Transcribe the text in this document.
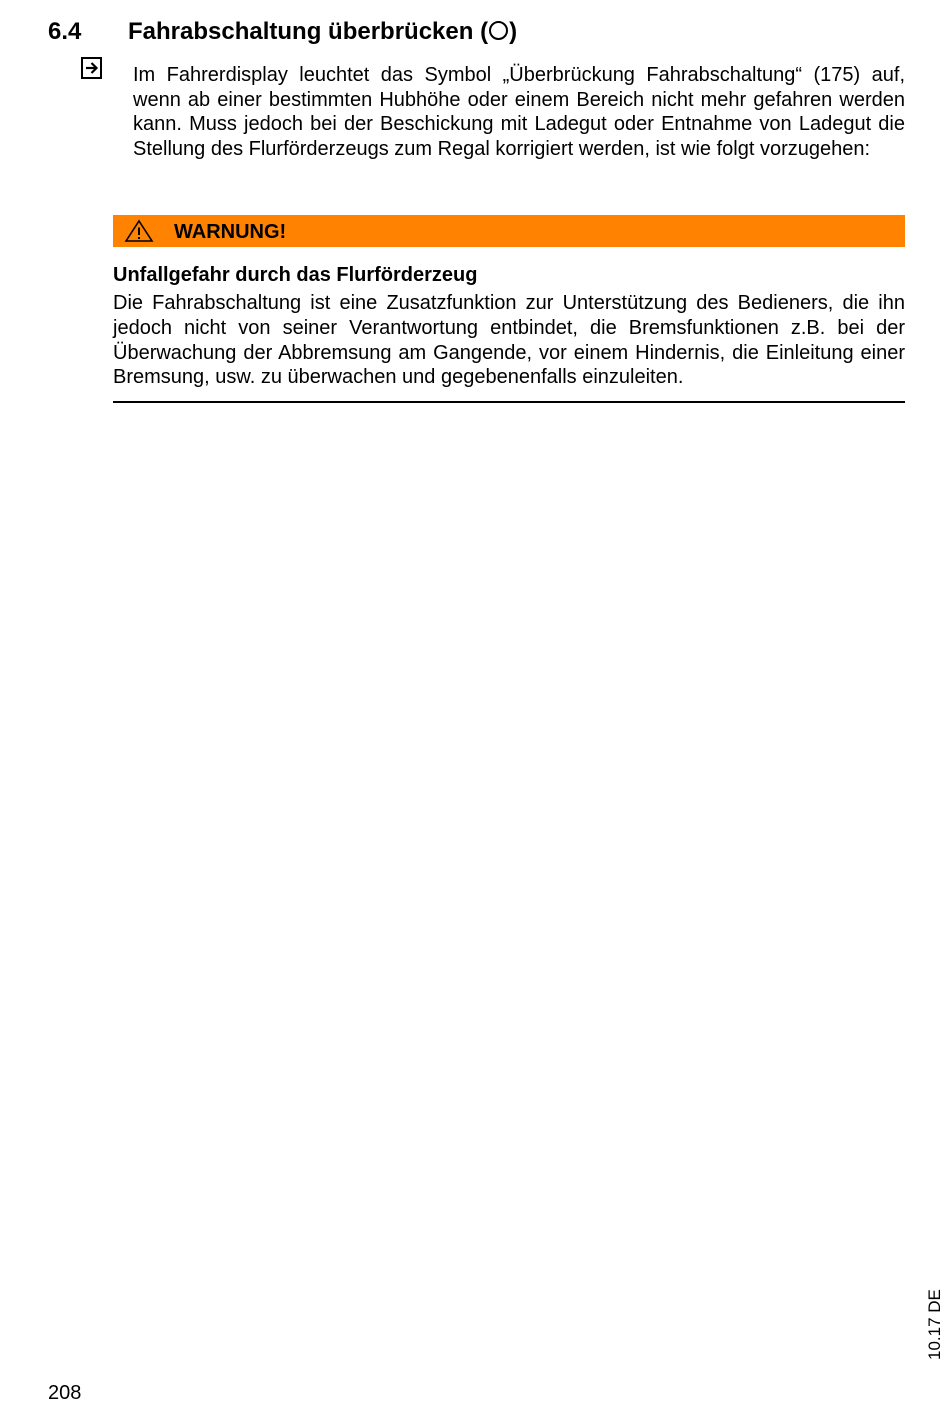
6.4 Fahrabschaltung überbrücken ( )
Im Fahrerdisplay leuchtet das Symbol „Überbrückung Fahrabschaltung“ (175) auf, wenn ab einer bestimmten Hubhöhe oder einem Bereich nicht mehr gefahren werden kann. Muss jedoch bei der Beschickung mit Ladegut oder Entnahme von Ladegut die Stellung des Flurförderzeugs zum Regal korrigiert werden, ist wie folgt vorzugehen:
WARNUNG!
Unfallgefahr durch das Flurförderzeug
Die Fahrabschaltung ist eine Zusatzfunktion zur Unterstützung des Bedieners, die ihn jedoch nicht von seiner Verantwortung entbindet, die Bremsfunktionen z.B. bei der Überwachung der Abbremsung am Gangende, vor einem Hindernis, die Einleitung einer Bremsung, usw. zu überwachen und gegebenenfalls einzuleiten.
208
10.17 DE
